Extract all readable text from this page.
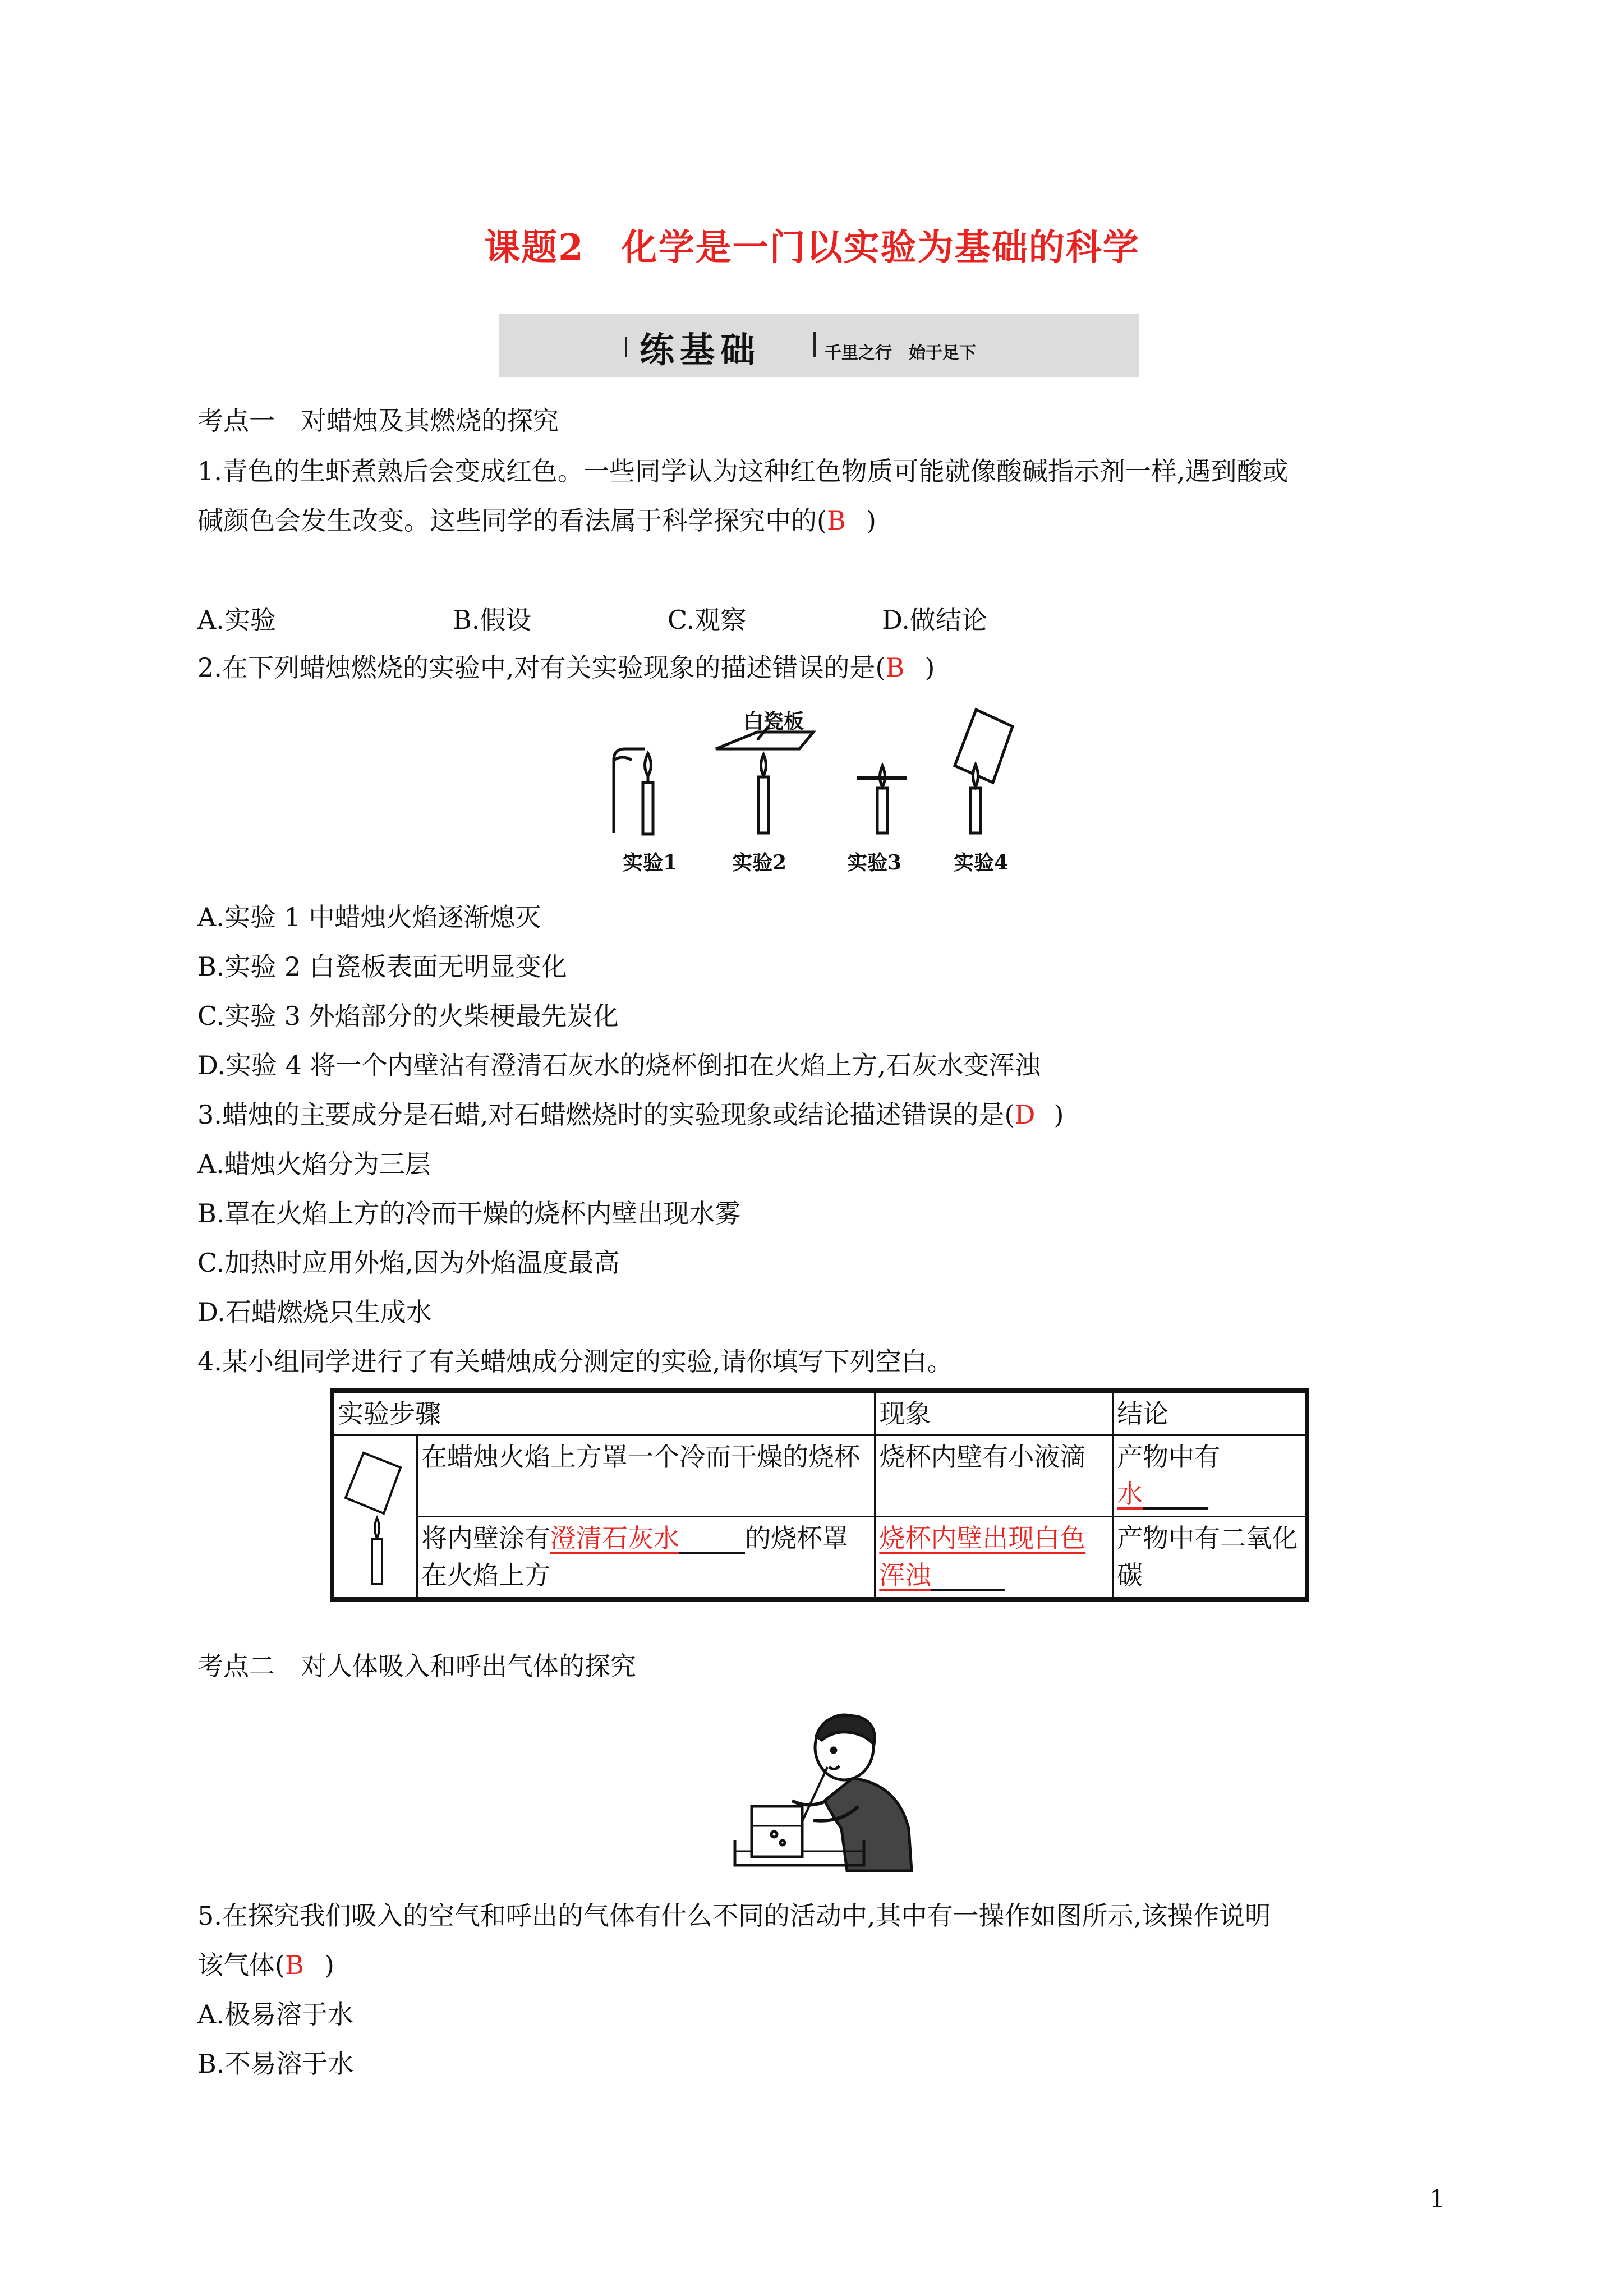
课题2　化学是一门以实验为基础的科学
练基础	千里之行　始于足下
考点一　对蜡烛及其燃烧的探究
1.青色的生虾煮熟后会变成红色。一些同学认为这种红色物质可能就像酸碱指示剂一样,遇到酸或
碱颜色会发生改变。这些同学的看法属于科学探究中的(B )
A.实验	B.假设	C.观察	D.做结论
2.在下列蜡烛燃烧的实验中,对有关实验现象的描述错误的是(B )
白瓷板
实验1	实验2	实验3	实验4
A.实验 1 中蜡烛火焰逐渐熄灭
B.实验 2 白瓷板表面无明显变化
C.实验 3 外焰部分的火柴梗最先炭化
D.实验 4 将一个内壁沾有澄清石灰水的烧杯倒扣在火焰上方,石灰水变浑浊
3.蜡烛的主要成分是石蜡,对石蜡燃烧时的实验现象或结论描述错误的是(D )
A.蜡烛火焰分为三层
B.罩在火焰上方的冷而干燥的烧杯内壁出现水雾
C.加热时应用外焰,因为外焰温度最高
D.石蜡燃烧只生成水
4.某小组同学进行了有关蜡烛成分测定的实验,请你填写下列空白。
实验步骤		现象	结论
	在蜡烛火焰上方罩一个冷而干燥的烧杯	烧杯内壁有小液滴	产物中有
水
	将内壁涂有澄清石灰水 的烧杯罩在火焰上方	烧杯内壁出现白色浑浊	产物中有二氧化碳
考点二　对人体吸入和呼出气体的探究
5.在探究我们吸入的空气和呼出的气体有什么不同的活动中,其中有一操作如图所示,该操作说明
该气体(B )
A.极易溶于水
B.不易溶于水
1
